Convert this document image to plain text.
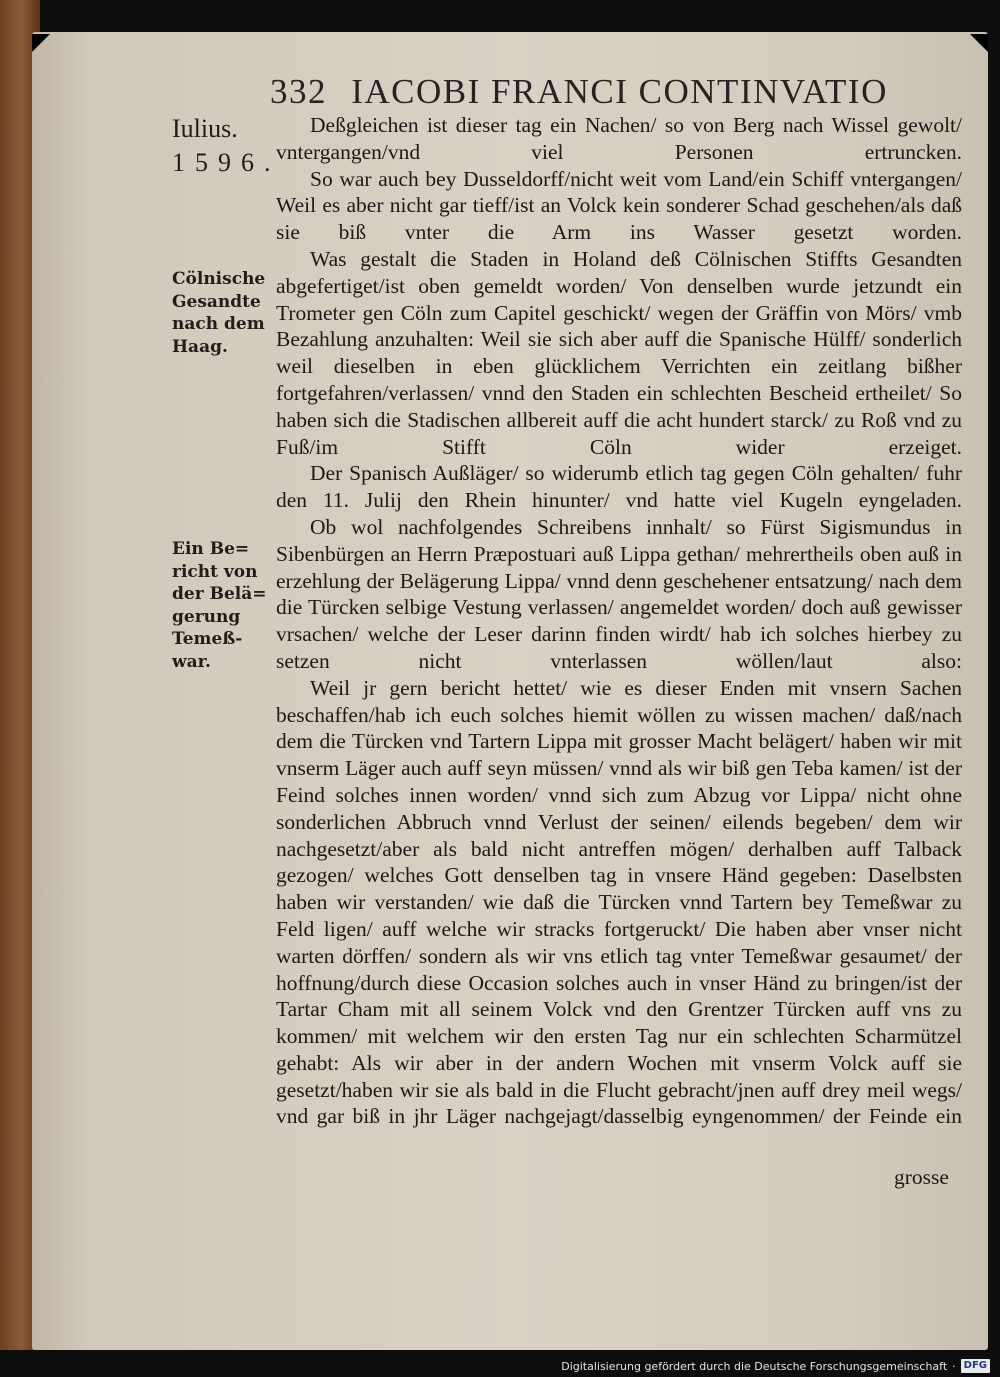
332 IACOBI FRANCI CONTINVATIO
Iulius.
1596.
Cölnische
Gesandte
nach dem
Haag.
Ein Be=
richt von
der Belä=
gerung
Temeß-
war.

Deßgleichen ist dieser tag ein Nachen/ so von Berg nach Wissel gewolt/ vntergangen/vnd viel Personen ertruncken.

So war auch bey Dusseldorff/nicht weit vom Land/ein Schiff vntergangen/ Weil es aber nicht gar tieff/ist an Volck kein sonderer Schad geschehen/als daß sie biß vnter die Arm ins Wasser gesetzt worden.

Was gestalt die Staden in Holand deß Cölnischen Stiffts Gesandten abgefertiget/ist oben gemeldt worden/ Von denselben wurde jetzundt ein Trometer gen Cöln zum Capitel geschickt/ wegen der Gräffin von Mörs/ vmb Bezahlung anzuhalten: Weil sie sich aber auff die Spanische Hülff/ sonderlich weil dieselben in eben glücklichem Verrichten ein zeitlang bißher fortgefahren/verlassen/ vnnd den Staden ein schlechten Bescheid ertheilet/ So haben sich die Stadischen allbereit auff die acht hundert starck/ zu Roß vnd zu Fuß/im Stifft Cöln wider erzeiget.

Der Spanisch Außläger/ so widerumb etlich tag gegen Cöln gehalten/ fuhr den 11. Julij den Rhein hinunter/ vnd hatte viel Kugeln eyngeladen.

Ob wol nachfolgendes Schreibens innhalt/ so Fürst Sigismundus in Sibenbürgen an Herrn Præpostuari auß Lippa gethan/ mehrertheils oben auß in erzehlung der Belägerung Lippa/ vnnd denn geschehener entsatzung/ nach dem die Türcken selbige Vestung verlassen/ angemeldet worden/ doch auß gewisser vrsachen/ welche der Leser darinn finden wirdt/ hab ich solches hierbey zu setzen nicht vnterlassen wöllen/laut also:

Weil jr gern bericht hettet/ wie es dieser Enden mit vnsern Sachen beschaffen/hab ich euch solches hiemit wöllen zu wissen machen/ daß/nach dem die Türcken vnd Tartern Lippa mit grosser Macht belägert/ haben wir mit vnserm Läger auch auff seyn müssen/ vnnd als wir biß gen Teba kamen/ ist der Feind solches innen worden/ vnnd sich zum Abzug vor Lippa/ nicht ohne sonderlichen Abbruch vnnd Verlust der seinen/ eilends begeben/ dem wir nachgesetzt/aber als bald nicht antreffen mögen/ derhalben auff Talback gezogen/ welches Gott denselben tag in vnsere Händ gegeben: Daselbsten haben wir verstanden/ wie daß die Türcken vnnd Tartern bey Temeßwar zu Feld ligen/ auff welche wir stracks fortgeruckt/ Die haben aber vnser nicht warten dörffen/ sondern als wir vns etlich tag vnter Temeßwar gesaumet/ der hoffnung/durch diese Occasion solches auch in vnser Händ zu bringen/ist der Tartar Cham mit all seinem Volck vnd den Grentzer Türcken auff vns zu kommen/ mit welchem wir den ersten Tag nur ein schlechten Scharmützel gehabt: Als wir aber in der andern Wochen mit vnserm Volck auff sie gesetzt/haben wir sie als bald in die Flucht gebracht/jnen auff drey meil wegs/ vnd gar biß in jhr Läger nachgejagt/dasselbig eyngenommen/ der Feinde ein

grosse
Digitalisierung gefördert durch die Deutsche Forschungsgemeinschaft · DFG
